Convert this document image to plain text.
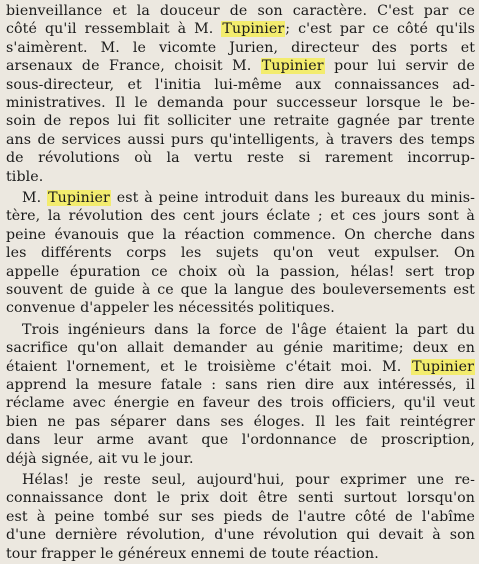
bienveillance et la douceur de son caractère. C'est par ce
côté qu'il ressemblait à M. Tupinier; c'est par ce côté qu'ils
s'aimèrent. M. le vicomte Jurien, directeur des ports et
arsenaux de France, choisit M. Tupinier pour lui servir de
sous-directeur, et l'initia lui-même aux connaissances ad-
ministratives. Il le demanda pour successeur lorsque le be-
soin de repos lui fit solliciter une retraite gagnée par trente
ans de services aussi purs qu'intelligents, à travers des temps
de révolutions où la vertu reste si rarement incorrup-
tible.
M. Tupinier est à peine introduit dans les bureaux du minis-
tère, la révolution des cent jours éclate ; et ces jours sont à
peine évanouis que la réaction commence. On cherche dans
les différents corps les sujets qu'on veut expulser. On
appelle épuration ce choix où la passion, hélas! sert trop
souvent de guide à ce que la langue des bouleversements est
convenue d'appeler les nécessités politiques.
Trois ingénieurs dans la force de l'âge étaient la part du
sacrifice qu'on allait demander au génie maritime; deux en
étaient l'ornement, et le troisième c'était moi. M. Tupinier
apprend la mesure fatale : sans rien dire aux intéressés, il
réclame avec énergie en faveur des trois officiers, qu'il veut
bien ne pas séparer dans ses éloges. Il les fait reintégrer
dans leur arme avant que l'ordonnance de proscription,
déjà signée, ait vu le jour.
Hélas! je reste seul, aujourd'hui, pour exprimer une re-
connaissance dont le prix doit être senti surtout lorsqu'on
est à peine tombé sur ses pieds de l'autre côté de l'abîme
d'une dernière révolution, d'une révolution qui devait à son
tour frapper le généreux ennemi de toute réaction.
